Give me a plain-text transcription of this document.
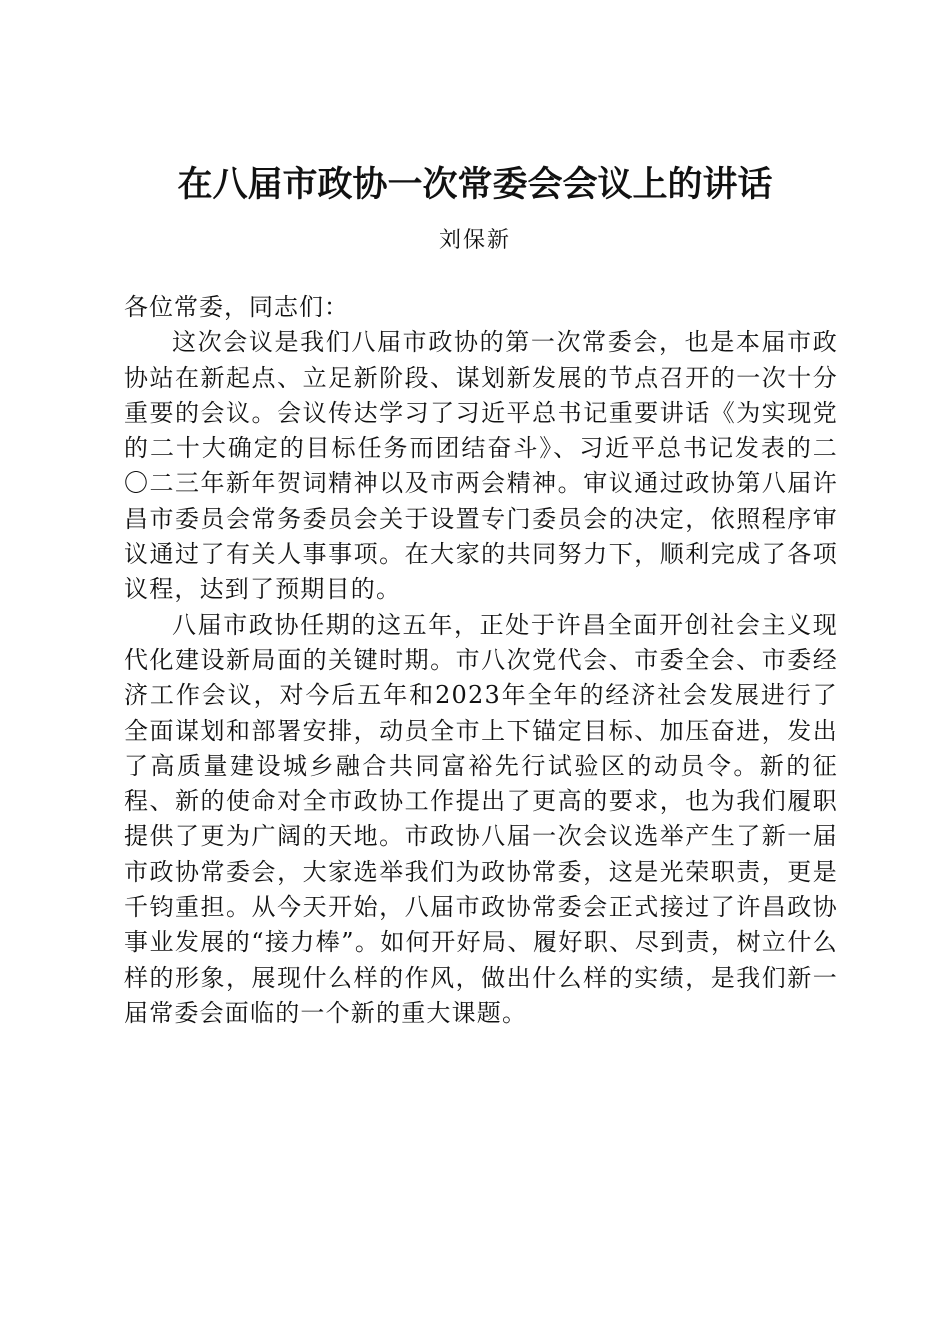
在八届市政协一次常委会会议上的讲话

刘保新

各位常委，同志们：

这次会议是我们八届市政协的第一次常委会，也是本届市政协站在新起点、立足新阶段、谋划新发展的节点召开的一次十分重要的会议。会议传达学习了习近平总书记重要讲话《为实现党的二十大确定的目标任务而团结奋斗》、习近平总书记发表的二〇二三年新年贺词精神以及市两会精神。审议通过政协第八届许昌市委员会常务委员会关于设置专门委员会的决定，依照程序审议通过了有关人事事项。在大家的共同努力下，顺利完成了各项议程，达到了预期目的。

八届市政协任期的这五年，正处于许昌全面开创社会主义现代化建设新局面的关键时期。市八次党代会、市委全会、市委经济工作会议，对今后五年和2023年全年的经济社会发展进行了全面谋划和部署安排，动员全市上下锚定目标、加压奋进，发出了高质量建设城乡融合共同富裕先行试验区的动员令。新的征程、新的使命对全市政协工作提出了更高的要求，也为我们履职提供了更为广阔的天地。市政协八届一次会议选举产生了新一届市政协常委会，大家选举我们为政协常委，这是光荣职责，更是千钧重担。从今天开始，八届市政协常委会正式接过了许昌政协事业发展的“接力棒”。如何开好局、履好职、尽到责，树立什么样的形象，展现什么样的作风，做出什么样的实绩，是我们新一届常委会面临的一个新的重大课题。
